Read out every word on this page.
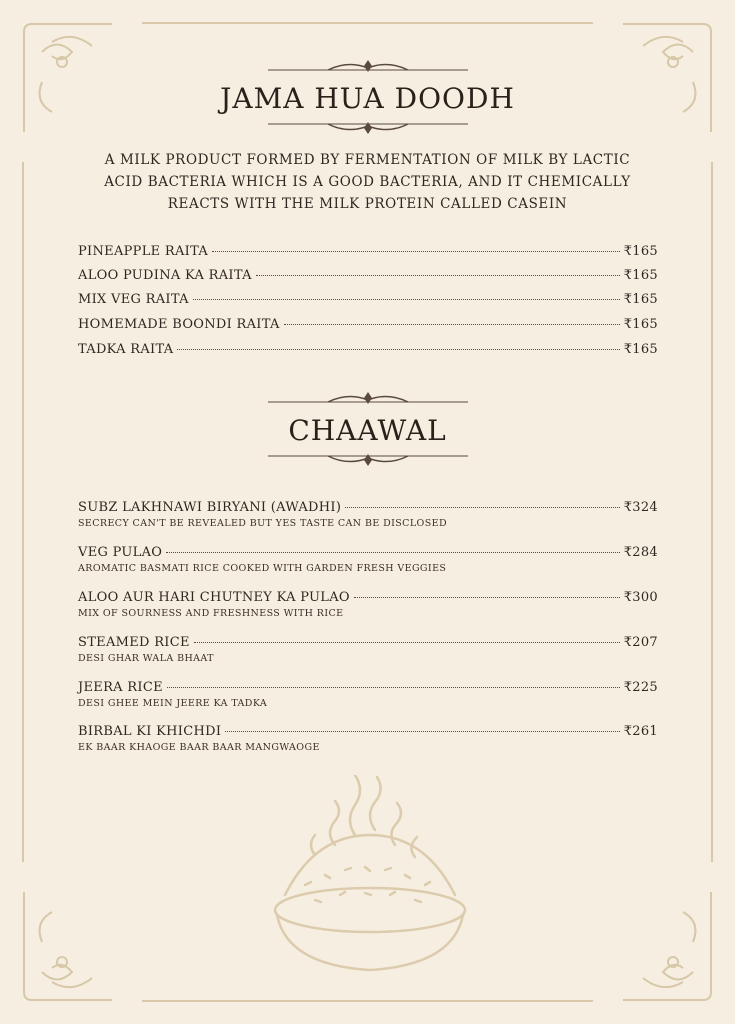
JAMA HUA DOODH
A MILK PRODUCT FORMED BY FERMENTATION OF MILK BY LACTIC
ACID BACTERIA WHICH IS A GOOD BACTERIA, AND IT CHEMICALLY
REACTS WITH THE MILK PROTEIN CALLED CASEIN
PINEAPPLE RAITA	₹165
ALOO PUDINA KA RAITA	₹165
MIX VEG RAITA	₹165
HOMEMADE BOONDI RAITA	₹165
TADKA RAITA	₹165
CHAAWAL
SUBZ LAKHNAWI BIRYANI (AWADHI)	₹324
SECRECY CAN'T BE REVEALED BUT YES TASTE CAN BE DISCLOSED
VEG PULAO	₹284
AROMATIC BASMATI RICE COOKED WITH GARDEN FRESH VEGGIES
ALOO AUR HARI CHUTNEY KA PULAO	₹300
MIX OF SOURNESS AND FRESHNESS WITH RICE
STEAMED RICE	₹207
DESI GHAR WALA BHAAT
JEERA RICE	₹225
DESI GHEE MEIN JEERE KA TADKA
BIRBAL KI KHICHDI	₹261
EK BAAR KHAOGE BAAR BAAR MANGWAOGE
